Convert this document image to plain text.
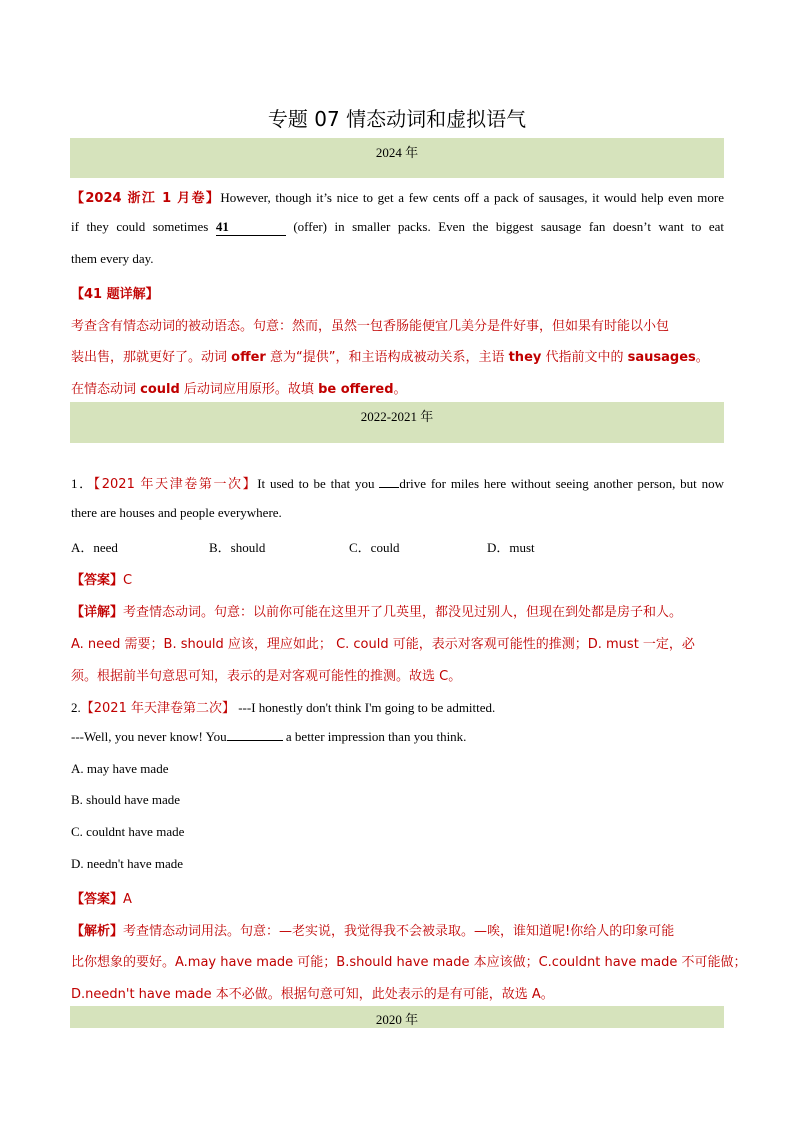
专题 07 情态动词和虚拟语气
2024 年
【2024 浙江 1 月卷】However, though it’s nice to get a few cents off a pack of sausages, it would help even more
if they could sometimes 41	(offer) in smaller packs. Even the biggest sausage fan doesn’t want to eat
them every day.
【41 题详解】
考查含有情态动词的被动语态。句意：然而，虽然一包香肠能便宜几美分是件好事，但如果有时能以小包
装出售，那就更好了。动词 offer 意为“提供”，和主语构成被动关系，主语 they 代指前文中的 sausages。
在情态动词 could 后动词应用原形。故填 be offered。
2022-2021 年
1．【2021 年天津卷第一次】It used to be that you drive for miles here without seeing another person, but now
there are houses and people everywhere.
A．need	B．should	C．could	D．must
【答案】C
【详解】考查情态动词。句意：以前你可能在这里开了几英里，都没见过别人，但现在到处都是房子和人。
A. need 需要；B. should 应该，理应如此； C. could 可能，表示对客观可能性的推测；D. must 一定，必
须。根据前半句意思可知，表示的是对客观可能性的推测。故选 C。
2.【2021 年天津卷第二次】 ---I honestly don't think I'm going to be admitted.
---Well, you never know! You	a better impression than you think.
A. may have made
B. should have made
C. couldnt have made
D. needn't have made
【答案】A
【解析】考查情态动词用法。句意：—老实说，我觉得我不会被录取。—唉，谁知道呢!你给人的印象可能
比你想象的要好。A.may have made 可能；B.should have made 本应该做；C.couldnt have made 不可能做；
D.needn't have made 本不必做。根据句意可知，此处表示的是有可能，故选 A。
2020 年
